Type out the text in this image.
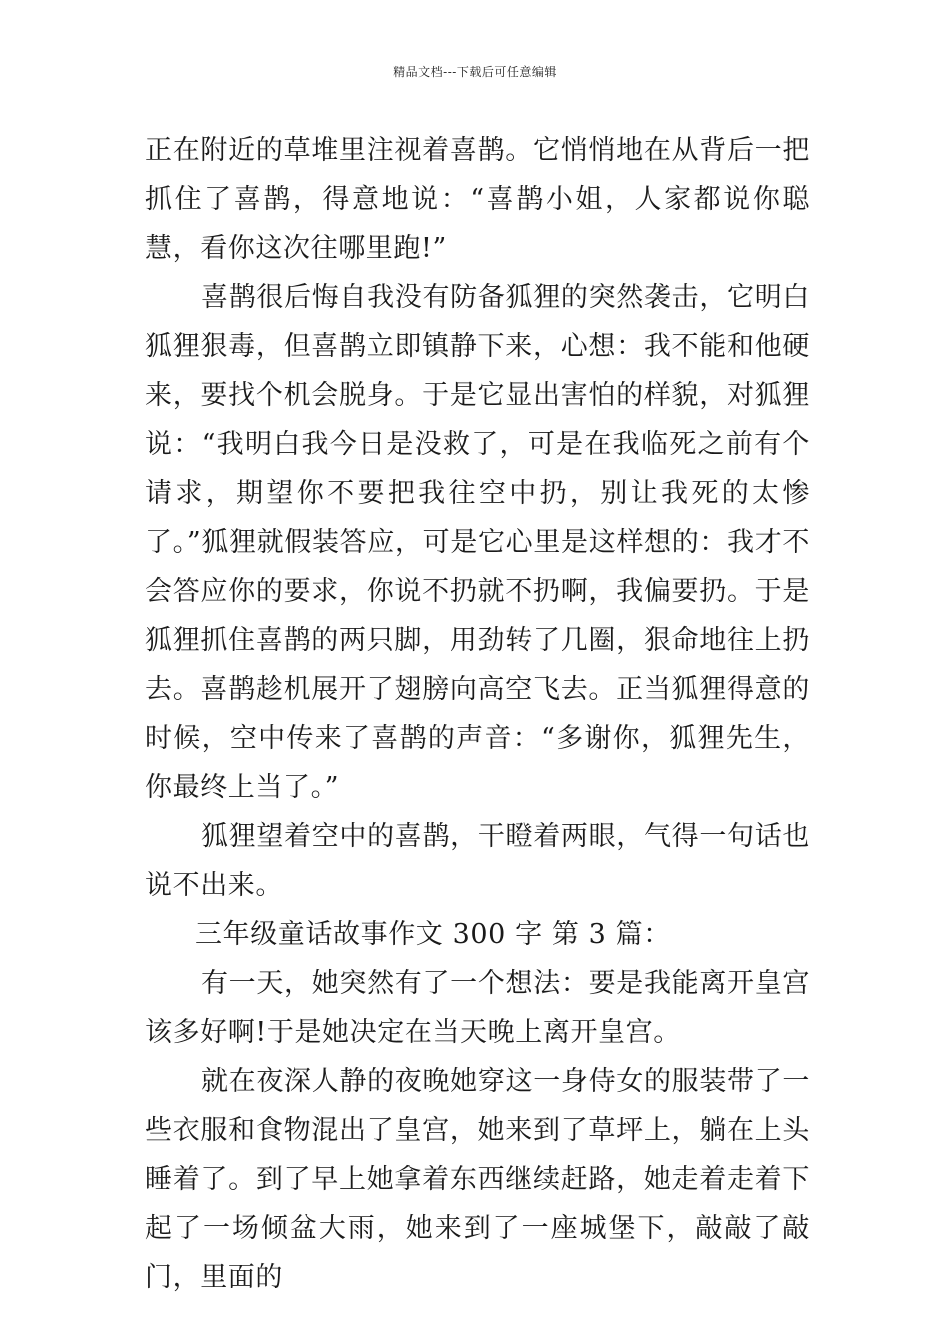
精品文档---下载后可任意编辑

正在附近的草堆里注视着喜鹊。它悄悄地在从背后一把抓住了喜鹊，得意地说：“喜鹊小姐，人家都说你聪慧，看你这次往哪里跑!”

喜鹊很后悔自我没有防备狐狸的突然袭击，它明白狐狸狠毒，但喜鹊立即镇静下来，心想：我不能和他硬来，要找个机会脱身。于是它显出害怕的样貌，对狐狸说：“我明白我今日是没救了，可是在我临死之前有个请求，期望你不要把我往空中扔，别让我死的太惨了。”狐狸就假装答应，可是它心里是这样想的：我才不会答应你的要求，你说不扔就不扔啊，我偏要扔。于是狐狸抓住喜鹊的两只脚，用劲转了几圈，狠命地往上扔去。喜鹊趁机展开了翅膀向高空飞去。正当狐狸得意的时候，空中传来了喜鹊的声音：“多谢你，狐狸先生，你最终上当了。”

狐狸望着空中的喜鹊，干瞪着两眼，气得一句话也说不出来。

三年级童话故事作文 300 字 第 3 篇：

有一天，她突然有了一个想法：要是我能离开皇宫该多好啊!于是她决定在当天晚上离开皇宫。

就在夜深人静的夜晚她穿这一身侍女的服装带了一些衣服和食物混出了皇宫，她来到了草坪上，躺在上头睡着了。到了早上她拿着东西继续赶路，她走着走着下起了一场倾盆大雨，她来到了一座城堡下，敲敲了敲门，里面的
